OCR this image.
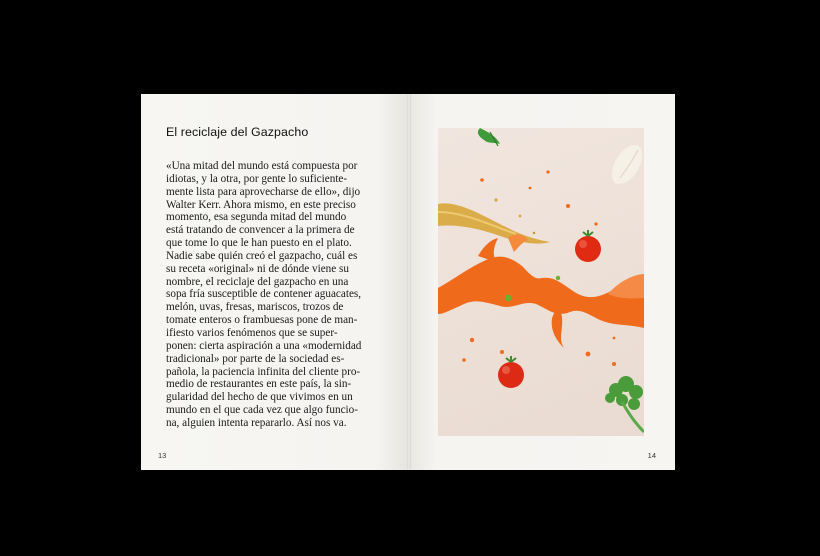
El reciclaje del Gazpacho
«Una mitad del mundo está compuesta por
idiotas, y la otra, por gente lo suficiente-
mente lista para aprovecharse de ello», dijo
Walter Kerr. Ahora mismo, en este preciso
momento, esa segunda mitad del mundo
está tratando de convencer a la primera de
que tome lo que le han puesto en el plato.
Nadie sabe quién creó el gazpacho, cuál es
su receta «original» ni de dónde viene su
nombre, el reciclaje del gazpacho en una
sopa fría susceptible de contener aguacates,
melón, uvas, fresas, mariscos, trozos de
tomate enteros o frambuesas pone de man-
ifiesto varios fenómenos que se super-
ponen: cierta aspiración a una «modernidad
tradicional» por parte de la sociedad es-
pañola, la paciencia infinita del cliente pro-
medio de restaurantes en este país, la sin-
gularidad del hecho de que vivimos en un
mundo en el que cada vez que algo funcio-
na, alguien intenta repararlo. Así nos va.
13	14
